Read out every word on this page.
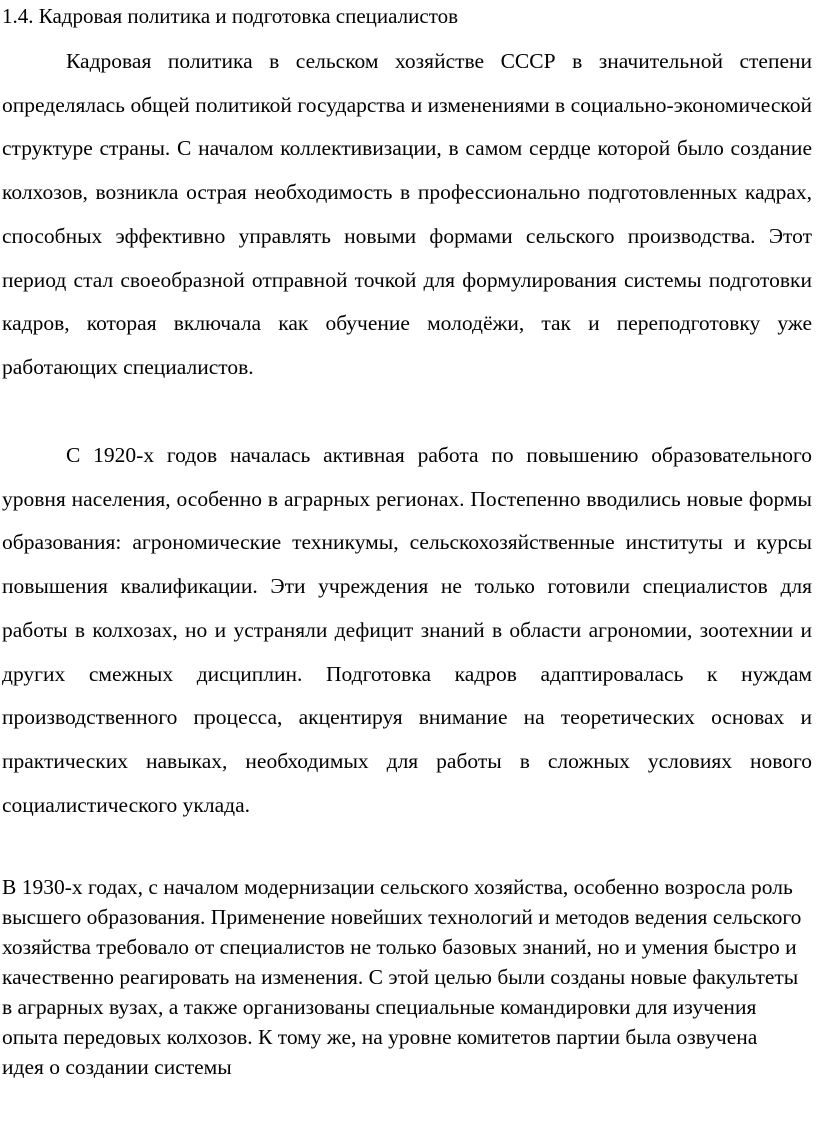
1.4. Кадровая политика и подготовка специалистов

Кадровая политика в сельском хозяйстве СССР в значительной степени определялась общей политикой государства и изменениями в социально-экономической структуре страны. С началом коллективизации, в самом сердце которой было создание колхозов, возникла острая необходимость в профессионально подготовленных кадрах, способных эффективно управлять новыми формами сельского производства. Этот период стал своеобразной отправной точкой для формулирования системы подготовки кадров, которая включала как обучение молодёжи, так и переподготовку уже работающих специалистов.

С 1920-х годов началась активная работа по повышению образовательного уровня населения, особенно в аграрных регионах. Постепенно вводились новые формы образования: агрономические техникумы, сельскохозяйственные институты и курсы повышения квалификации. Эти учреждения не только готовили специалистов для работы в колхозах, но и устраняли дефицит знаний в области агрономии, зоотехнии и других смежных дисциплин. Подготовка кадров адаптировалась к нуждам производственного процесса, акцентируя внимание на теоретических основах и практических навыках, необходимых для работы в сложных условиях нового социалистического уклада.

В 1930-х годах, с началом модернизации сельского хозяйства, особенно возросла роль высшего образования. Применение новейших технологий и методов ведения сельского хозяйства требовало от специалистов не только базовых знаний, но и умения быстро и качественно реагировать на изменения. С этой целью были созданы новые факультеты в аграрных вузах, а также организованы специальные командировки для изучения опыта передовых колхозов. К тому же, на уровне комитетов партии была озвучена идея о создании системы
